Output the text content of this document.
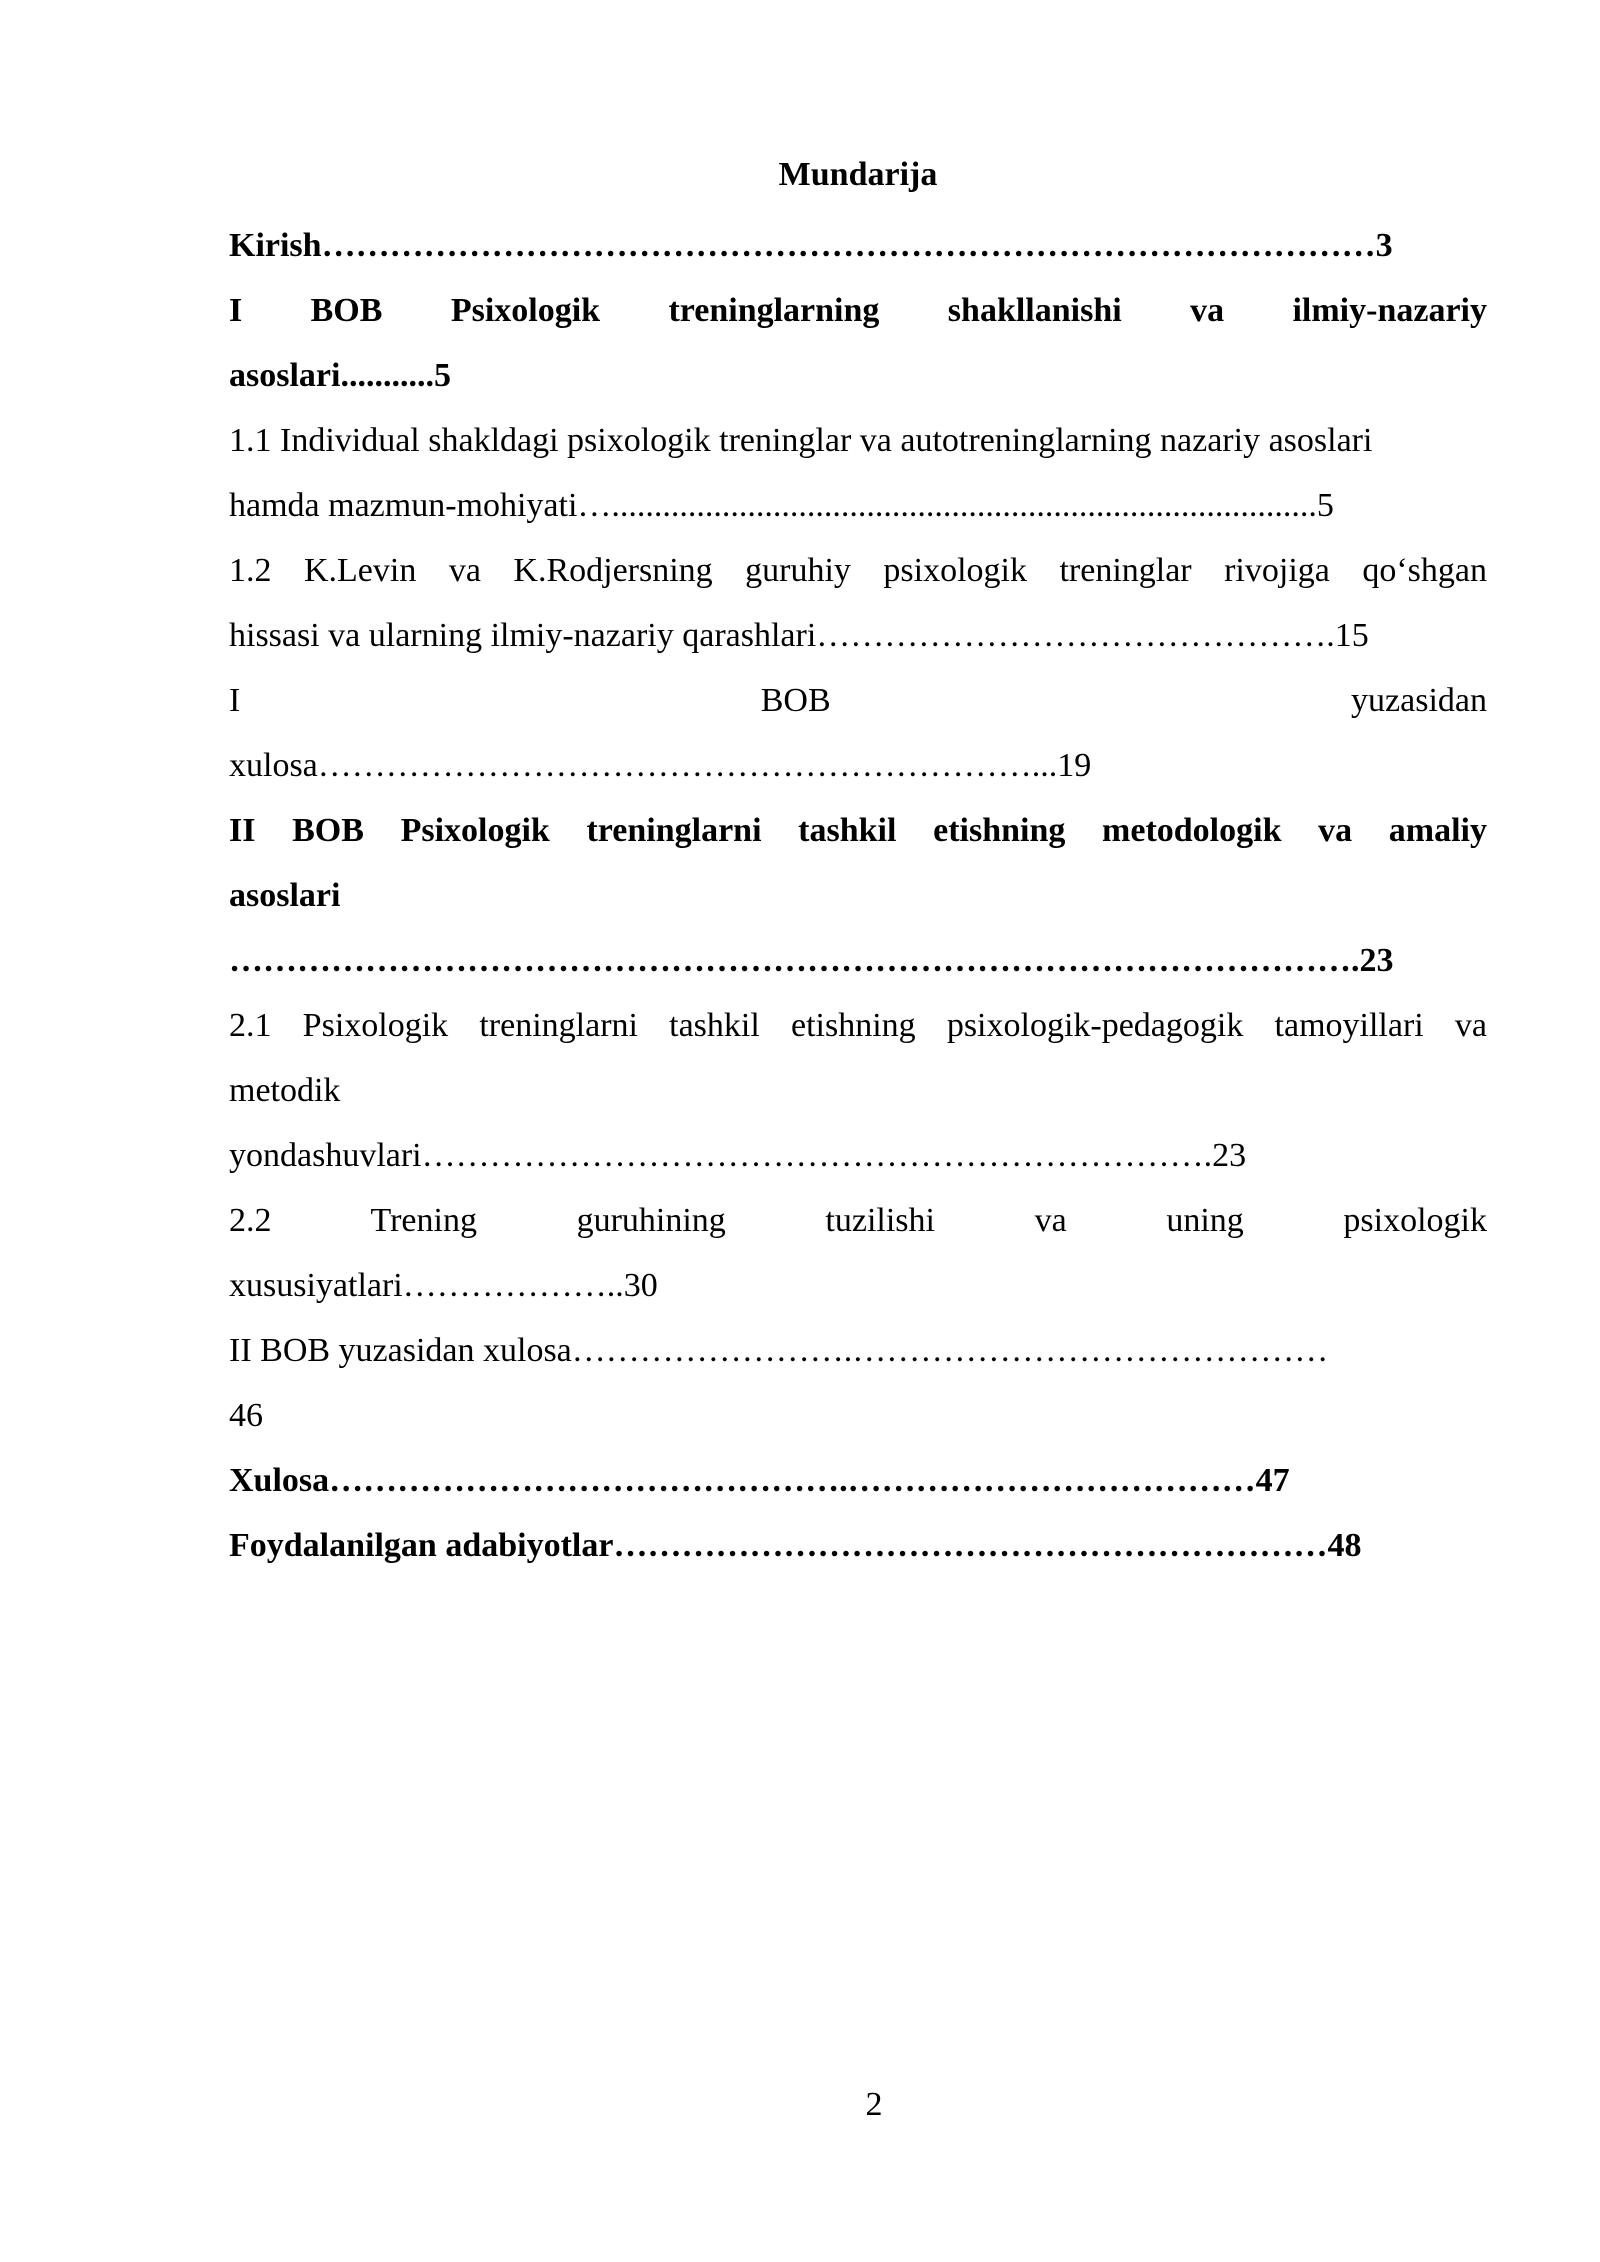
Mundarija
Kirish…………………………………………………………………………………3
I BOB Psixologik treninglarning shakllanishi va ilmiy-nazariy
asoslari...........5
1.1 Individual shakldagi psixologik treninglar va autotreninglarning nazariy asoslari
hamda mazmun-mohiyati…...................................................................................5
1.2 K.Levin va K.Rodjersning guruhiy psixologik treninglar rivojiga qo‘shgan
hissasi va ularning ilmiy-nazariy qarashlari……………………………………….15
I BOB yuzasidan
xulosa………………………………………………………...19
II BOB Psixologik treninglarni tashkil etishning metodologik va amaliy
asoslari
……………………………………………………………………………………….23
2.1 Psixologik treninglarni tashkil etishning psixologik-pedagogik tamoyillari va
metodik
yondashuvlari…………………………………………………………….23
2.2 Trening guruhining tuzilishi va uning psixologik
xususiyatlari………………..30
II BOB yuzasidan xulosa…………………….……………………………………
46
Xulosa……………………………………….………………………………47
Foydalanilgan adabiyotlar………………………………………………………48
2
